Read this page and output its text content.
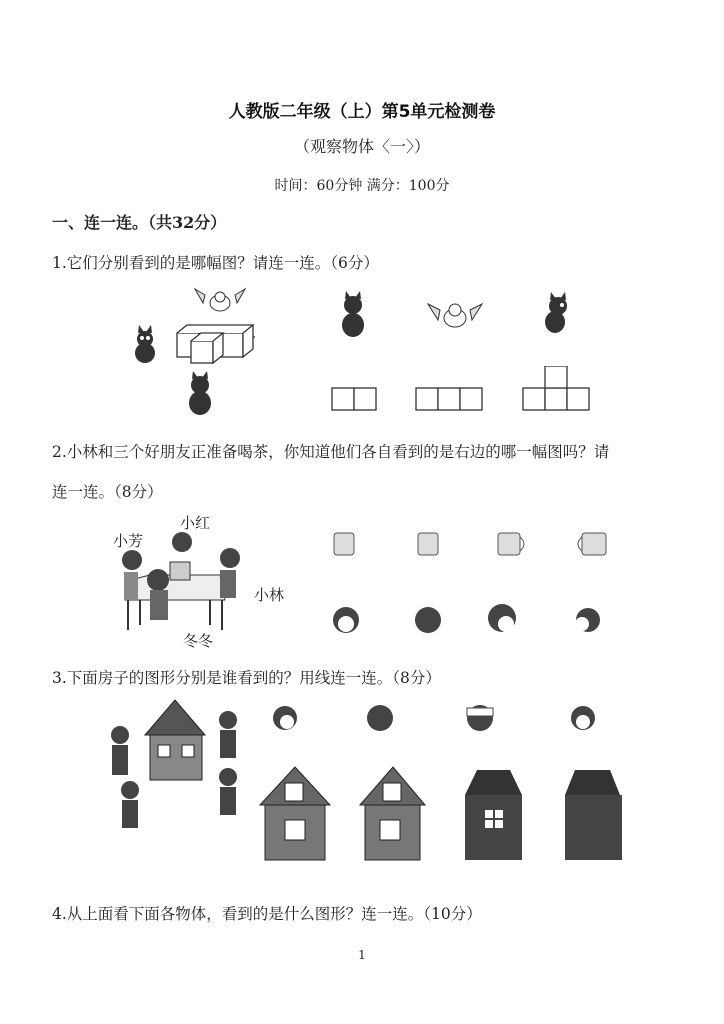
人教版二年级（上）第5单元检测卷
（观察物体〈一〉）
时间：60分钟 满分：100分
一、连一连。（共32分）
1.它们分别看到的是哪幅图？请连一连。（6分）
2.小林和三个好朋友正准备喝茶，你知道他们各自看到的是右边的哪一幅图吗？请
连一连。（8分）
小芳
小红
小林
冬冬
3.下面房子的图形分别是谁看到的？用线连一连。（8分）
4.从上面看下面各物体，看到的是什么图形？连一连。（10分）
1
